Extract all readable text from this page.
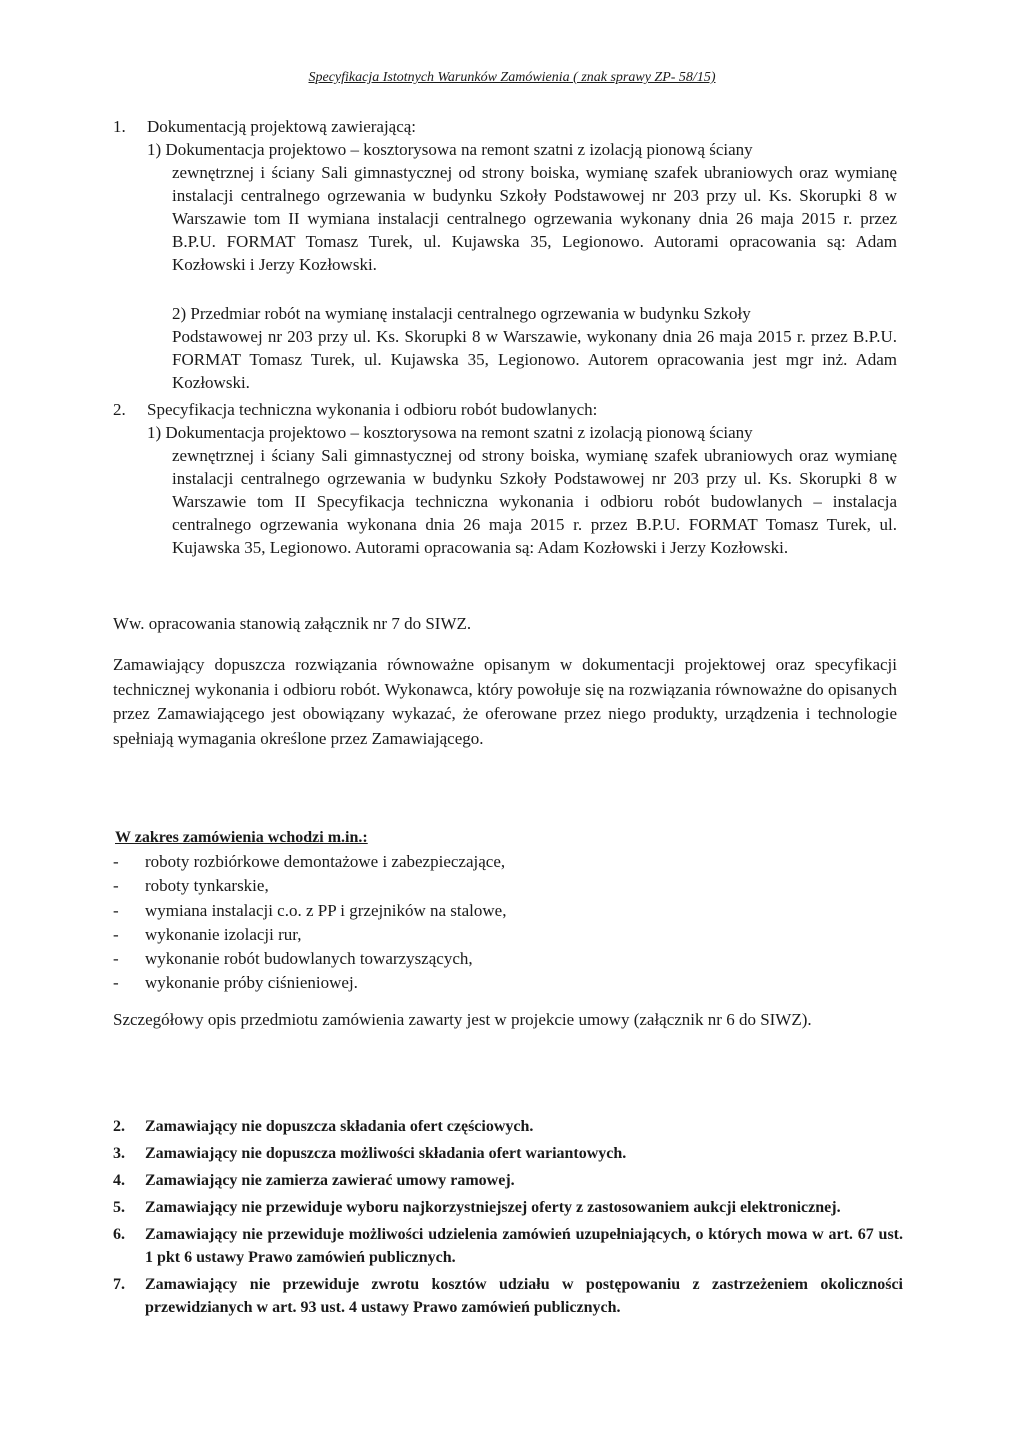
Specyfikacja Istotnych Warunków Zamówienia ( znak sprawy ZP- 58/15)
1. Dokumentacją projektową zawierającą:
1) Dokumentacja projektowo – kosztorysowa na remont szatni z izolacją pionową ściany
zewnętrznej i ściany Sali gimnastycznej od strony boiska, wymianę szafek ubraniowych oraz wymianę instalacji centralnego ogrzewania w budynku Szkoły Podstawowej nr 203 przy ul. Ks. Skorupki 8 w Warszawie tom II wymiana instalacji centralnego ogrzewania wykonany dnia 26 maja 2015 r. przez B.P.U. FORMAT Tomasz Turek, ul. Kujawska 35, Legionowo. Autorami opracowania są: Adam Kozłowski i Jerzy Kozłowski.
2) Przedmiar robót na wymianę instalacji centralnego ogrzewania w budynku Szkoły
Podstawowej nr 203 przy ul. Ks. Skorupki 8 w Warszawie, wykonany dnia 26 maja 2015 r. przez B.P.U. FORMAT Tomasz Turek, ul. Kujawska 35, Legionowo. Autorem opracowania jest mgr inż. Adam Kozłowski.
2. Specyfikacja techniczna wykonania i odbioru robót budowlanych:
1) Dokumentacja projektowo – kosztorysowa na remont szatni z izolacją pionową ściany
zewnętrznej i ściany Sali gimnastycznej od strony boiska, wymianę szafek ubraniowych oraz wymianę instalacji centralnego ogrzewania w budynku Szkoły Podstawowej nr 203 przy ul. Ks. Skorupki 8 w Warszawie tom II Specyfikacja techniczna wykonania i odbioru robót budowlanych – instalacja centralnego ogrzewania wykonana dnia 26 maja 2015 r. przez B.P.U. FORMAT Tomasz Turek, ul. Kujawska 35, Legionowo. Autorami opracowania są: Adam Kozłowski i Jerzy Kozłowski.
Ww. opracowania stanowią załącznik nr 7 do SIWZ.
Zamawiający dopuszcza rozwiązania równoważne opisanym w dokumentacji projektowej oraz specyfikacji technicznej wykonania i odbioru robót. Wykonawca, który powołuje się na rozwiązania równoważne do opisanych przez Zamawiającego jest obowiązany wykazać, że oferowane przez niego produkty, urządzenia i technologie spełniają wymagania określone przez Zamawiającego.
W zakres zamówienia wchodzi m.in.:
- roboty rozbiórkowe demontażowe i zabezpieczające,
- roboty tynkarskie,
- wymiana instalacji c.o. z PP i grzejników na stalowe,
- wykonanie izolacji rur,
- wykonanie robót budowlanych towarzyszących,
- wykonanie próby ciśnieniowej.
Szczegółowy opis przedmiotu zamówienia zawarty jest w projekcie umowy (załącznik nr 6 do SIWZ).
2. Zamawiający nie dopuszcza składania ofert częściowych.
3. Zamawiający nie dopuszcza możliwości składania ofert wariantowych.
4. Zamawiający nie zamierza zawierać umowy ramowej.
5. Zamawiający nie przewiduje wyboru najkorzystniejszej oferty z zastosowaniem aukcji elektronicznej.
6. Zamawiający nie przewiduje możliwości udzielenia zamówień uzupełniających, o których mowa w art. 67 ust. 1 pkt 6 ustawy Prawo zamówień publicznych.
7. Zamawiający nie przewiduje zwrotu kosztów udziału w postępowaniu z zastrzeżeniem okoliczności przewidzianych w art. 93 ust. 4 ustawy Prawo zamówień publicznych.
